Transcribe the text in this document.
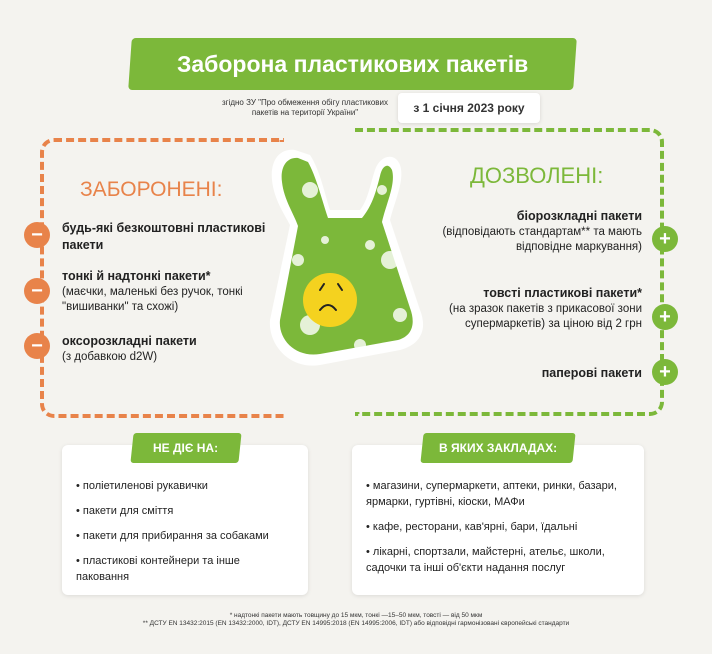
Заборона пластикових пакетів
згідно ЗУ "Про обмеження обігу пластикових пакетів на території України"	з 1 січня 2023 року
ЗАБОРОНЕНІ:
ДОЗВОЛЕНІ:
−	будь-які безкоштовні пластикові пакети
−
тонкі й надтонкі пакети*
(маєчки, маленькі без ручок, тонкі "вишиванки" та схожі)
−	оксорозкладні пакети
(з добавкою d2W)
біорозкладні пакети
(відповідають стандартам** та мають відповідне маркування) +
товсті пластикові пакети*
(на зразок пакетів з прикасової зони супермаркетів) за ціною від 2 грн +
паперові пакети +
• поліетиленові рукавички
• пакети для сміття
• пакети для прибирання за собаками
• пластикові контейнери та інше паковання
НЕ ДІЄ НА:
• магазини, супермаркети, аптеки, ринки, базари, ярмарки, гуртівні, кіоски, МАФи
• кафе, ресторани, кав'ярні, бари, їдальні
• лікарні, спортзали, майстерні, ательє, школи, садочки та інші об'єкти надання послуг
В ЯКИХ ЗАКЛАДАХ:
* надтонкі пакети мають товщину до 15 мкм, тонкі —15–50 мкм, товсті — від 50 мкм
** ДСТУ EN 13432:2015 (EN 13432:2000, IDT), ДСТУ EN 14995:2018 (EN 14995:2006, IDT) або відповідні гармонізовані європейські стандарти
